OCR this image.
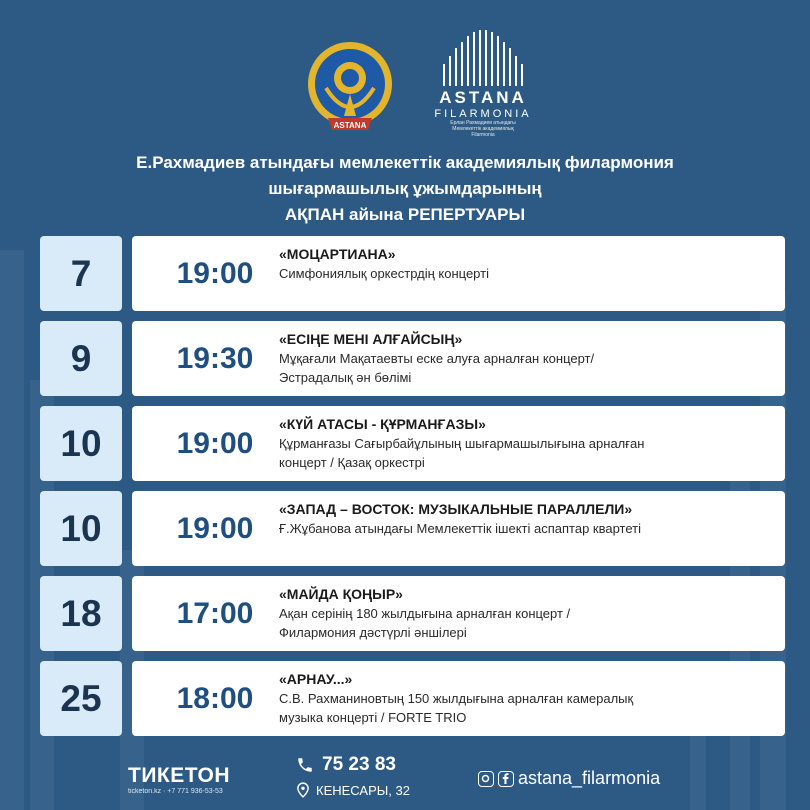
ASTANA
ASTANA
FILARMONIA
Ерлан Рахмадиев атындағы
Мемлекеттік академиялық
Filarmonia
Е.Рахмадиев атындағы мемлекеттік академиялық филармония
шығармашылық ұжымдарының
АҚПАН айына РЕПЕРТУАРЫ
7	19:00
«МОЦАРТИАНА»
Симфониялық оркестрдің концерті
9	19:30
«ЕСІҢЕ МЕНІ АЛҒАЙСЫҢ»
Мұқағали Мақатаевты еске алуға арналған концерт/
Эстрадалық ән бөлімі
10	19:00
«КҮЙ АТАСЫ - ҚҰРМАНҒАЗЫ»
Құрманғазы Сағырбайұлының шығармашылығына арналған
концерт / Қазақ оркестрі
10	19:00
«ЗАПАД – ВОСТОК: МУЗЫКАЛЬНЫЕ ПАРАЛЛЕЛИ»
Ғ.Жұбанова атындағы Мемлекеттік ішекті аспаптар квартеті
18	17:00
«МАЙДА ҚОҢЫР»
Ақан серінің 180 жылдығына арналған концерт /
Филармония дәстүрлі әншілері
25	18:00
«АРНАУ...»
С.В. Рахманиновтың 150 жылдығына арналған камералық
музыка концерті / FORTE TRIO
ТИКЕТОН
ticketon.kz · +7 771 936-53-53
75 23 83
КЕНЕСАРЫ, 32
astana_filarmonia
